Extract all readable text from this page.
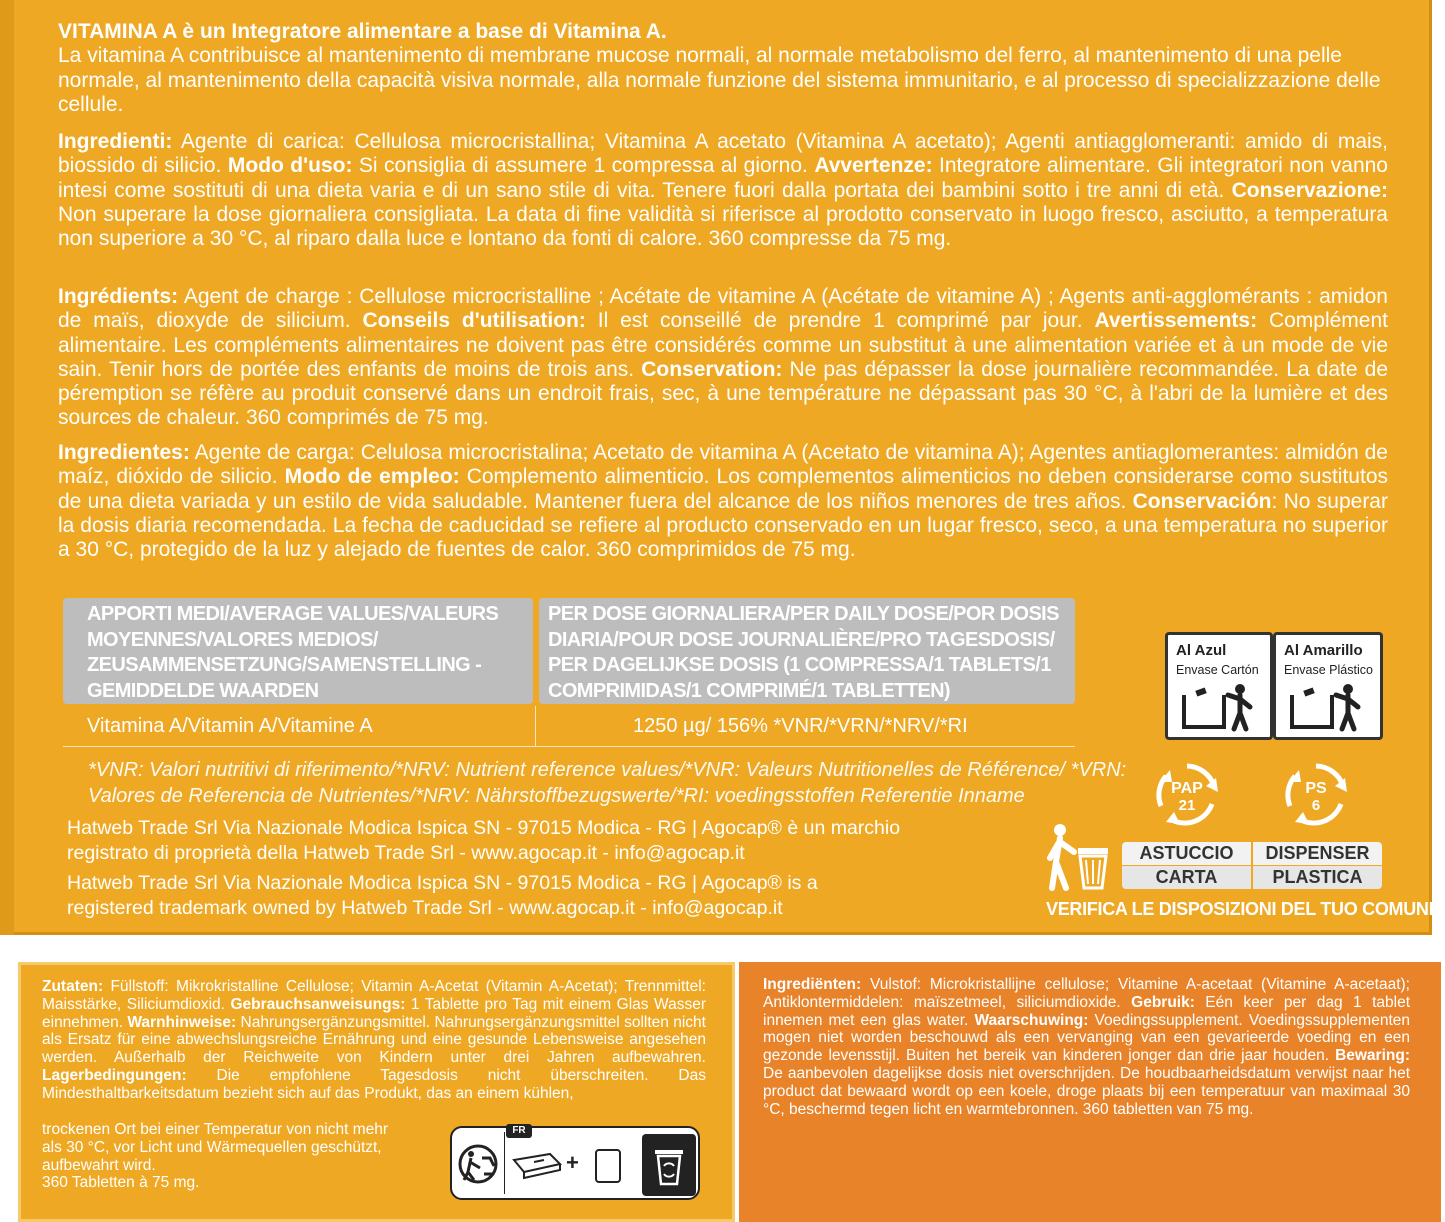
VITAMINA A è un Integratore alimentare a base di Vitamina A.
La vitamina A contribuisce al mantenimento di membrane mucose normali, al normale metabolismo del ferro, al mantenimento di una pelle normale, al mantenimento della capacità visiva normale, alla normale funzione del sistema immunitario, e al processo di specializzazione delle cellule.
Ingredienti: Agente di carica: Cellulosa microcristallina; Vitamina A acetato (Vitamina A acetato); Agenti antiagglomeranti: amido di mais, biossido di silicio. Modo d'uso: Si consiglia di assumere 1 compressa al giorno. Avvertenze: Integratore alimentare. Gli integratori non vanno intesi come sostituti di una dieta varia e di un sano stile di vita. Tenere fuori dalla portata dei bambini sotto i tre anni di età. Conservazione: Non superare la dose giornaliera consigliata. La data di fine validità si riferisce al prodotto conservato in luogo fresco, asciutto, a temperatura non superiore a 30 °C, al riparo dalla luce e lontano da fonti di calore. 360 compresse da 75 mg.
Ingrédients: Agent de charge : Cellulose microcristalline ; Acétate de vitamine A (Acétate de vitamine A) ; Agents anti-agglomérants : amidon de maïs, dioxyde de silicium. Conseils d'utilisation: Il est conseillé de prendre 1 comprimé par jour. Avertissements: Complément alimentaire. Les compléments alimentaires ne doivent pas être considérés comme un substitut à une alimentation variée et à un mode de vie sain. Tenir hors de portée des enfants de moins de trois ans. Conservation: Ne pas dépasser la dose journalière recommandée. La date de péremption se réfère au produit conservé dans un endroit frais, sec, à une température ne dépassant pas 30 °C, à l'abri de la lumière et des sources de chaleur. 360 comprimés de 75 mg.
Ingredientes: Agente de carga: Celulosa microcristalina; Acetato de vitamina A (Acetato de vitamina A); Agentes antiaglomerantes: almidón de maíz, dióxido de silicio. Modo de empleo: Complemento alimenticio. Los complementos alimenticios no deben considerarse como sustitutos de una dieta variada y un estilo de vida saludable. Mantener fuera del alcance de los niños menores de tres años. Conservación: No superar la dosis diaria recomendada. La fecha de caducidad se refiere al producto conservado en un lugar fresco, seco, a una temperatura no superior a 30 °C, protegido de la luz y alejado de fuentes de calor. 360 comprimidos de 75 mg.
APPORTI MEDI/AVERAGE VALUES/VALEURS MOYENNES/VALORES MEDIOS/ ZEUSAMMENSETZUNG/SAMENSTELLING - GEMIDDELDE WAARDEN
PER DOSE GIORNALIERA/PER DAILY DOSE/POR DOSIS DIARIA/POUR DOSE JOURNALIÈRE/PRO TAGESDOSIS/ PER DAGELIJKSE DOSIS (1 COMPRESSA/1 TABLETS/1 COMPRIMIDAS/1 COMPRIMÉ/1 TABLETTEN)
Vitamina A/Vitamin A/Vitamine A	1250 µg/ 156% *VNR/*VRN/*NRV/*RI
*VNR: Valori nutritivi di riferimento/*NRV: Nutrient reference values/*VNR: Valeurs Nutritionelles de Référence/ *VRN: Valores de Referencia de Nutrientes/*NRV: Nährstoffbezugswerte/*RI: voedingsstoffen Referentie Inname
Hatweb Trade Srl Via Nazionale Modica Ispica SN - 97015 Modica - RG | Agocap® è un marchio registrato di proprietà della Hatweb Trade Srl - www.agocap.it - info@agocap.it
Hatweb Trade Srl Via Nazionale Modica Ispica SN - 97015 Modica - RG | Agocap® is a registered trademark owned by Hatweb Trade Srl - www.agocap.it - info@agocap.it
Al Azul
Envase Cartón
Al Amarillo
Envase Plástico
PAP
21
PS
6
ASTUCCIO
CARTA
DISPENSER
PLASTICA
VERIFICA LE DISPOSIZIONI DEL TUO COMUNE
Zutaten: Füllstoff: Mikrokristalline Cellulose; Vitamin A-Acetat (Vitamin A-Acetat); Trennmittel: Maisstärke, Siliciumdioxid. Gebrauchsanweisungs: 1 Tablette pro Tag mit einem Glas Wasser einnehmen. Warnhinweise: Nahrungsergänzungsmittel. Nahrungsergänzungsmittel sollten nicht als Ersatz für eine abwechslungsreiche Ernährung und eine gesunde Lebensweise angesehen werden. Außerhalb der Reichweite von Kindern unter drei Jahren aufbewahren. Lagerbedingungen: Die empfohlene Tagesdosis nicht überschreiten. Das Mindesthaltbarkeitsdatum bezieht sich auf das Produkt, das an einem kühlen,
trockenen Ort bei einer Temperatur von nicht mehr als 30 °C, vor Licht und Wärmequellen geschützt, aufbewahrt wird.
360 Tabletten à 75 mg.
FR
+
Ingrediënten: Vulstof: Microkristallijne cellulose; Vitamine A-acetaat (Vitamine A-acetaat); Antiklontermiddelen: maïszetmeel, siliciumdioxide. Gebruik: Eén keer per dag 1 tablet innemen met een glas water. Waarschuwing: Voedingssupplement. Voedingssupplementen mogen niet worden beschouwd als een vervanging van een gevarieerde voeding en een gezonde levensstijl. Buiten het bereik van kinderen jonger dan drie jaar houden. Bewaring: De aanbevolen dagelijkse dosis niet overschrijden. De houdbaarheidsdatum verwijst naar het product dat bewaard wordt op een koele, droge plaats bij een temperatuur van maximaal 30 °C, beschermd tegen licht en warmtebronnen. 360 tabletten van 75 mg.
